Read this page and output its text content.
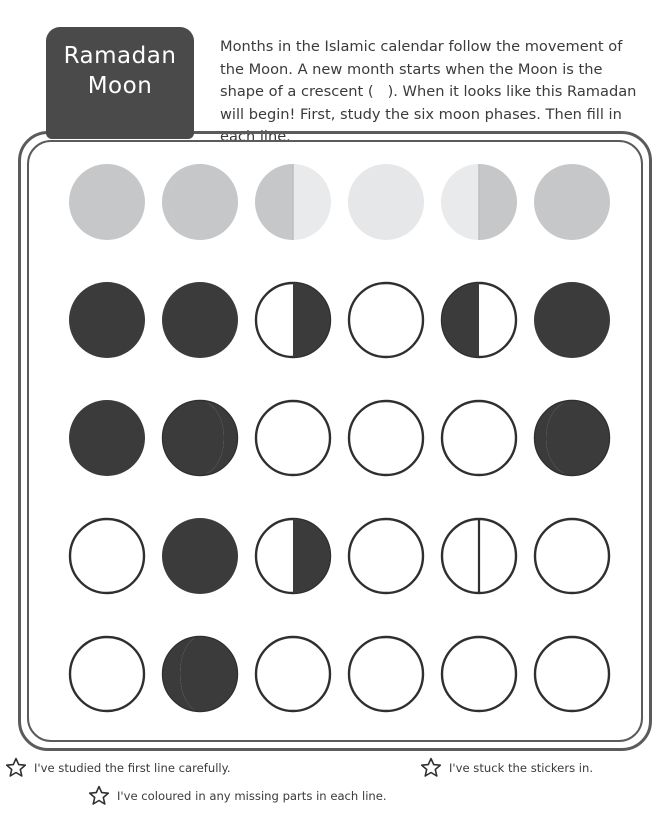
Ramadan
Moon
Months in the Islamic calendar follow the movement of the Moon. A new month starts when the Moon is the shape of a crescent ( ). When it looks like this Ramadan will begin! First, study the six moon phases. Then fill in each line.
I've studied the first line carefully.	I've stuck the stickers in.
I've coloured in any missing parts in each line.
